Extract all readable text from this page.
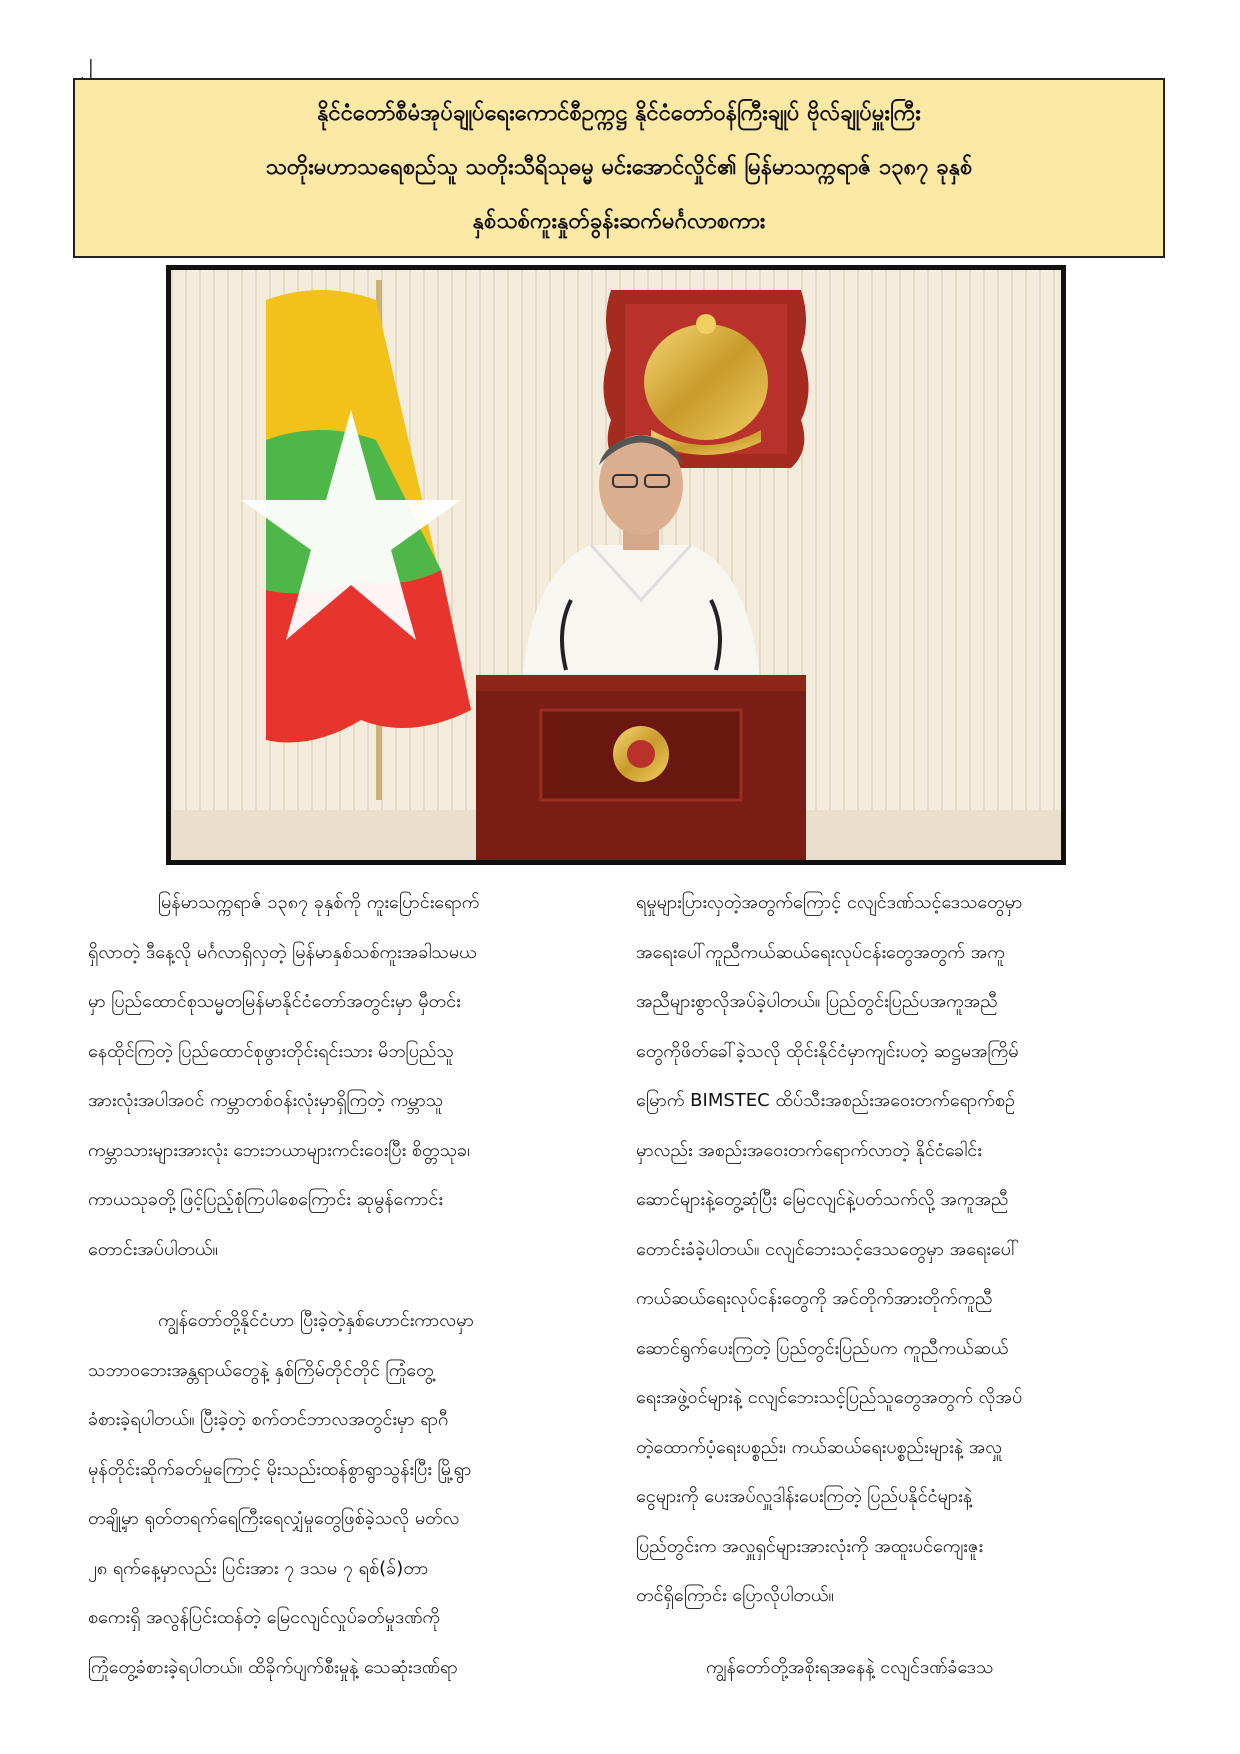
၂
နိုင်ငံတော်စီမံအုပ်ချုပ်ရေးကောင်စီဥက္ကဋ္ဌ နိုင်ငံတော်ဝန်ကြီးချုပ် ဗိုလ်ချုပ်မှူးကြီး
သတိုးမဟာသရေစည်သူ သတိုးသီရိသုဓမ္မ မင်းအောင်လှိုင်၏ မြန်မာသက္ကရာဇ် ၁၃၈၇ ခုနှစ်
နှစ်သစ်ကူးနှုတ်ခွန်းဆက်မင်္ဂလာစကား

မြန်မာသက္ကရာဇ် ၁၃၈၇ ခုနှစ်ကို ကူးပြောင်းရောက်

ရှိလာတဲ့ ဒီနေ့လို မင်္ဂလာရှိလှတဲ့ မြန်မာနှစ်သစ်ကူးအခါသမယ

မှာ ပြည်ထောင်စုသမ္မတမြန်မာနိုင်ငံတော်အတွင်းမှာ မှီတင်း

နေထိုင်ကြတဲ့ ပြည်ထောင်စုဖွားတိုင်းရင်းသား မိဘပြည်သူ

အားလုံးအပါအဝင် ကမ္ဘာတစ်ဝန်းလုံးမှာရှိကြတဲ့ ကမ္ဘာသူ

ကမ္ဘာသားများအားလုံး ဘေးဘယာများကင်းဝေးပြီး စိတ္တသုခ၊

ကာယသုခတို့ဖြင့်ပြည့်စုံကြပါစေကြောင်း ဆုမွန်ကောင်း

တောင်းအပ်ပါတယ်။

ကျွန်တော်တို့နိုင်ငံဟာ ပြီးခဲ့တဲ့နှစ်ဟောင်းကာလမှာ

သဘာဝဘေးအန္တရာယ်တွေနဲ့ နှစ်ကြိမ်တိုင်တိုင် ကြုံတွေ့

ခံစားခဲ့ရပါတယ်။ ပြီးခဲ့တဲ့ စက်တင်ဘာလအတွင်းမှာ ရာဂီ

မုန်တိုင်းဆိုက်ခတ်မှုကြောင့် မိုးသည်းထန်စွာရွာသွန်းပြီး မြို့ရွာ

တချို့မှာ ရုတ်တရက်ရေကြီးရေလျှံမှုတွေဖြစ်ခဲ့သလို မတ်လ

၂၈ ရက်နေ့မှာလည်း ပြင်းအား ၇ ဒသမ ၇ ရစ်(ခ်)တာ

စကေးရှိ အလွန်ပြင်းထန်တဲ့ မြေငလျင်လှုပ်ခတ်မှုဒဏ်ကို

ကြုံတွေ့ခံစားခဲ့ရပါတယ်။ ထိခိုက်ပျက်စီးမှုနဲ့ သေဆုံးဒဏ်ရာ

ရမှုများပြားလှတဲ့အတွက်ကြောင့် ငလျင်ဒဏ်သင့်ဒေသတွေမှာ

အရေးပေါ်ကူညီကယ်ဆယ်ရေးလုပ်ငန်းတွေအတွက် အကူ

အညီများစွာလိုအပ်ခဲ့ပါတယ်။ ပြည်တွင်းပြည်ပအကူအညီ

တွေကိုဖိတ်ခေါ်ခဲ့သလို ထိုင်းနိုင်ငံမှာကျင်းပတဲ့ ဆဋ္ဌမအကြိမ်

မြောက် BIMSTEC ထိပ်သီးအစည်းအဝေးတက်ရောက်စဉ်

မှာလည်း အစည်းအဝေးတက်ရောက်လာတဲ့ နိုင်ငံခေါင်း

ဆောင်များနဲ့တွေ့ဆုံပြီး မြေငလျင်နဲ့ပတ်သက်လို့ အကူအညီ

တောင်းခံခဲ့ပါတယ်။ ငလျင်ဘေးသင့်ဒေသတွေမှာ အရေးပေါ်

ကယ်ဆယ်ရေးလုပ်ငန်းတွေကို အင်တိုက်အားတိုက်ကူညီ

ဆောင်ရွက်ပေးကြတဲ့ ပြည်တွင်းပြည်ပက ကူညီကယ်ဆယ်

ရေးအဖွဲ့ဝင်များနဲ့ ငလျင်ဘေးသင့်ပြည်သူတွေအတွက် လိုအပ်

တဲ့ထောက်ပံ့ရေးပစ္စည်း၊ ကယ်ဆယ်ရေးပစ္စည်းများနဲ့ အလှူ

ငွေများကို ပေးအပ်လှူဒါန်းပေးကြတဲ့ ပြည်ပနိုင်ငံများနဲ့

ပြည်တွင်းက အလှူရှင်များအားလုံးကို အထူးပင်ကျေးဇူး

တင်ရှိကြောင်း ပြောလိုပါတယ်။

ကျွန်တော်တို့အစိုးရအနေနဲ့ ငလျင်ဒဏ်ခံဒေသ
